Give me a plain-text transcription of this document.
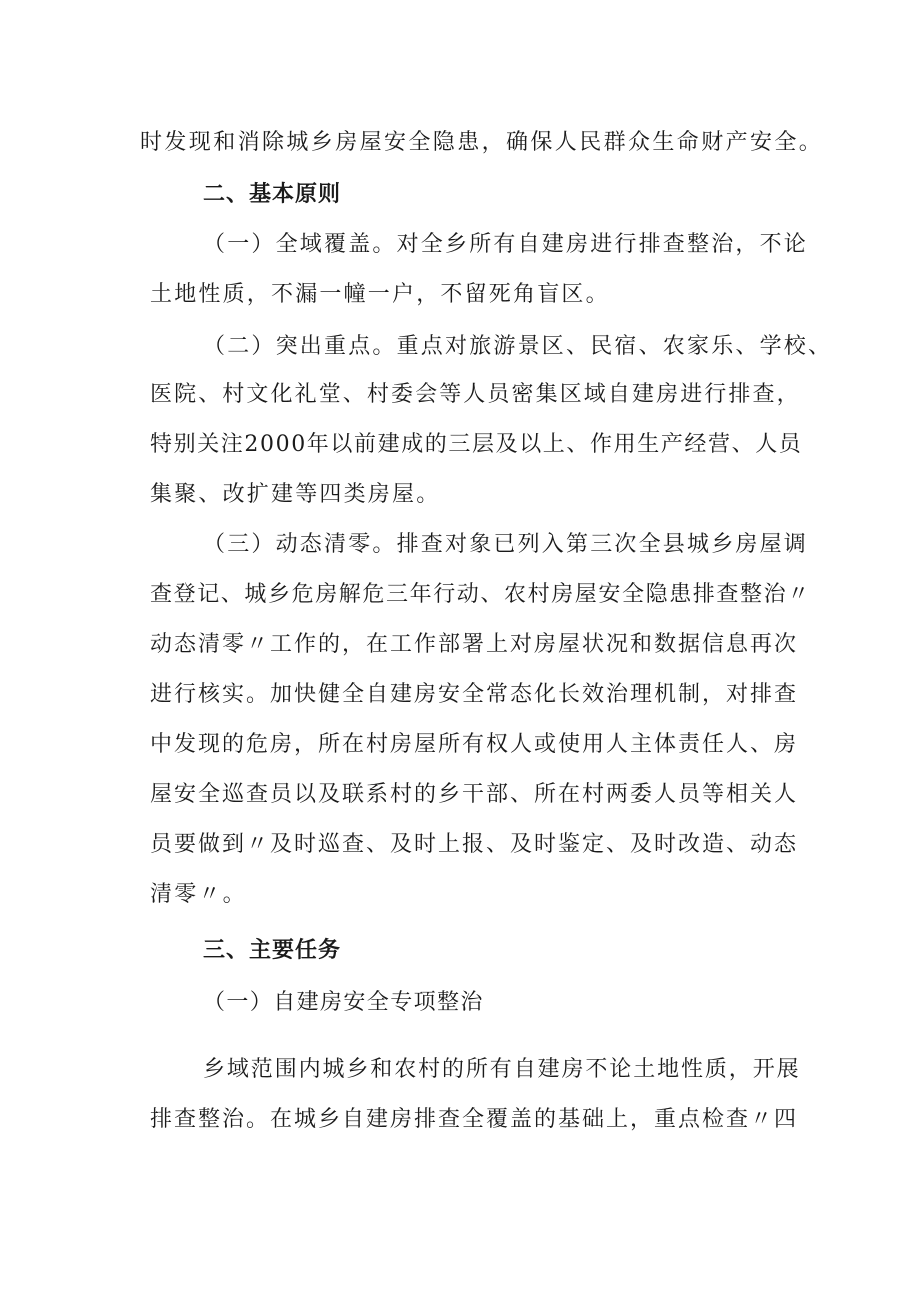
时发现和消除城乡房屋安全隐患，确保人民群众生命财产安全。
二、基本原则
（一）全域覆盖。对全乡所有自建房进行排查整治，不论
土地性质，不漏一幢一户，不留死角盲区。
（二）突出重点。重点对旅游景区、民宿、农家乐、学校、
医院、村文化礼堂、村委会等人员密集区域自建房进行排查，
特别关注2000年以前建成的三层及以上、作用生产经营、人员
集聚、改扩建等四类房屋。
（三）动态清零。排查对象已列入第三次全县城乡房屋调
查登记、城乡危房解危三年行动、农村房屋安全隐患排查整治〃
动态清零〃工作的，在工作部署上对房屋状况和数据信息再次
进行核实。加快健全自建房安全常态化长效治理机制，对排查
中发现的危房，所在村房屋所有权人或使用人主体责任人、房
屋安全巡查员以及联系村的乡干部、所在村两委人员等相关人
员要做到〃及时巡查、及时上报、及时鉴定、及时改造、动态
清零〃。
三、主要任务
（一）自建房安全专项整治
乡域范围内城乡和农村的所有自建房不论土地性质，开展
排查整治。在城乡自建房排查全覆盖的基础上，重点检查〃四
